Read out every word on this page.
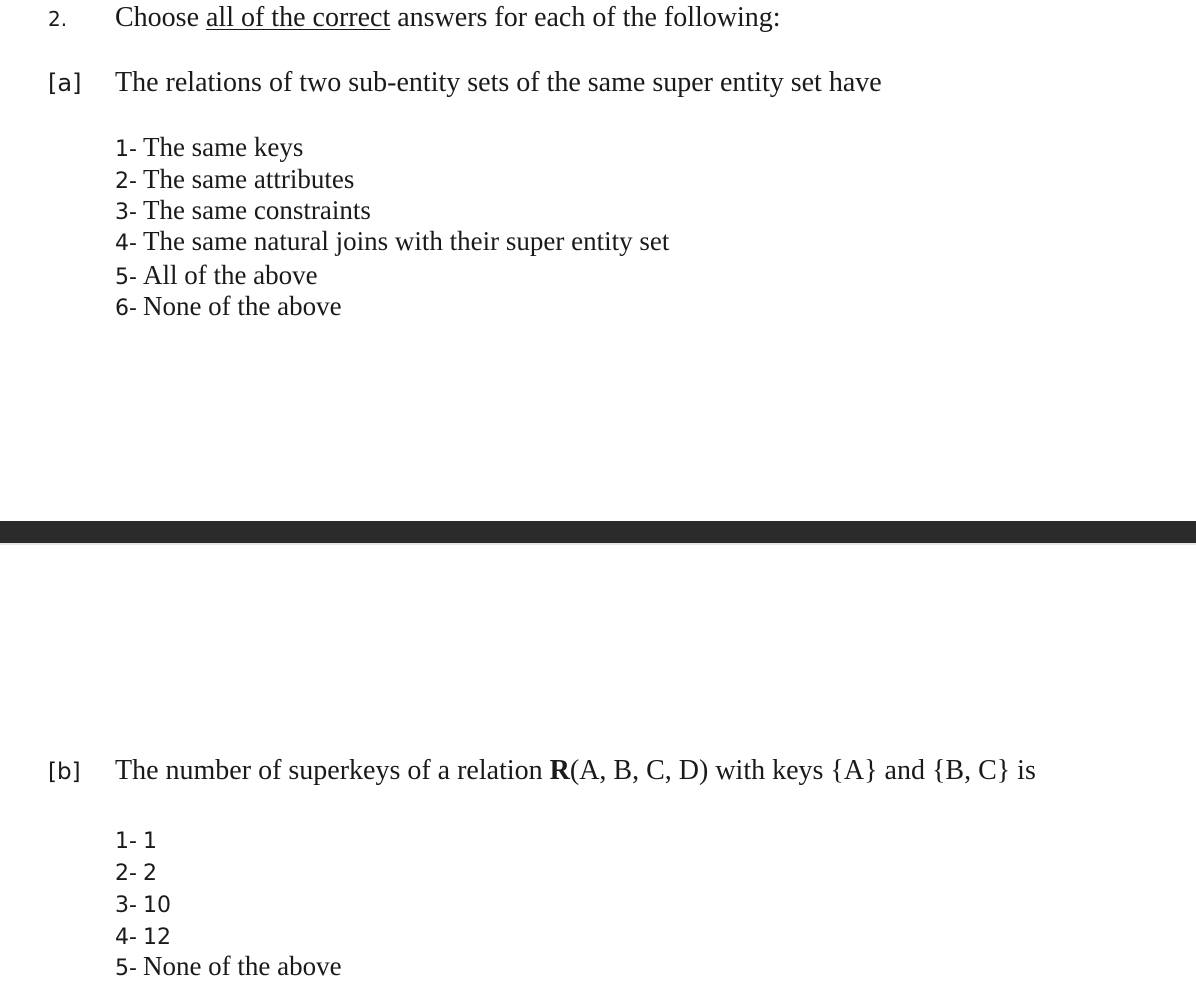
2. Choose all of the correct answers for each of the following:
[a] The relations of two sub-entity sets of the same super entity set have
1- The same keys
2- The same attributes
3- The same constraints
4- The same natural joins with their super entity set
5- All of the above
6- None of the above
[b] The number of superkeys of a relation R(A, B, C, D) with keys {A} and {B, C} is
1- 1
2- 2
3- 10
4- 12
5- None of the above
